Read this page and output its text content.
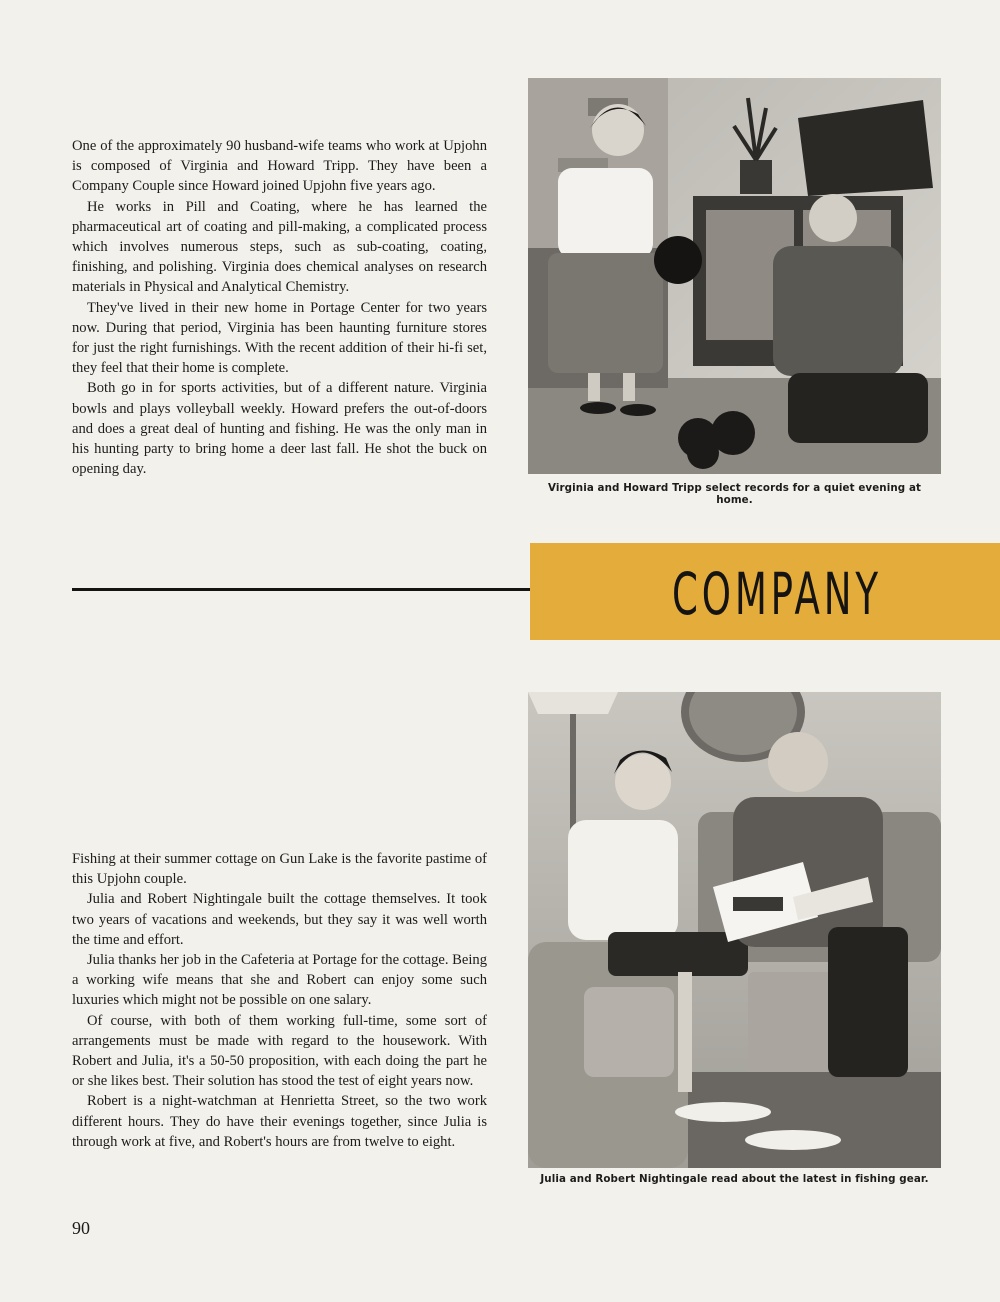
One of the approximately 90 husband-wife teams who work at Upjohn is composed of Virginia and Howard Tripp. They have been a Company Couple since Howard joined Upjohn five years ago.

He works in Pill and Coating, where he has learned the pharmaceutical art of coating and pill-making, a complicated process which involves numerous steps, such as sub-coating, coating, finishing, and polishing. Virginia does chemical analyses on research materials in Physical and Analytical Chemistry.

They've lived in their new home in Portage Center for two years now. During that period, Virginia has been haunting furniture stores for just the right furnishings. With the recent addition of their hi-fi set, they feel that their home is complete.

Both go in for sports activities, but of a different nature. Virginia bowls and plays volleyball weekly. Howard prefers the out-of-doors and does a great deal of hunting and fishing. He was the only man in his hunting party to bring home a deer last fall. He shot the buck on opening day.

Virginia and Howard Tripp select records for a quiet evening at home.
COMPANY
Julia and Robert Nightingale read about the latest in fishing gear.

Fishing at their summer cottage on Gun Lake is the favorite pastime of this Upjohn couple.

Julia and Robert Nightingale built the cottage themselves. It took two years of vacations and weekends, but they say it was well worth the time and effort.

Julia thanks her job in the Cafeteria at Portage for the cottage. Being a working wife means that she and Robert can enjoy some such luxuries which might not be possible on one salary.

Of course, with both of them working full-time, some sort of arrangements must be made with regard to the housework. With Robert and Julia, it's a 50-50 proposition, with each doing the part he or she likes best. Their solution has stood the test of eight years now.

Robert is a night-watchman at Henrietta Street, so the two work different hours. They do have their evenings together, since Julia is through work at five, and Robert's hours are from twelve to eight.

90
